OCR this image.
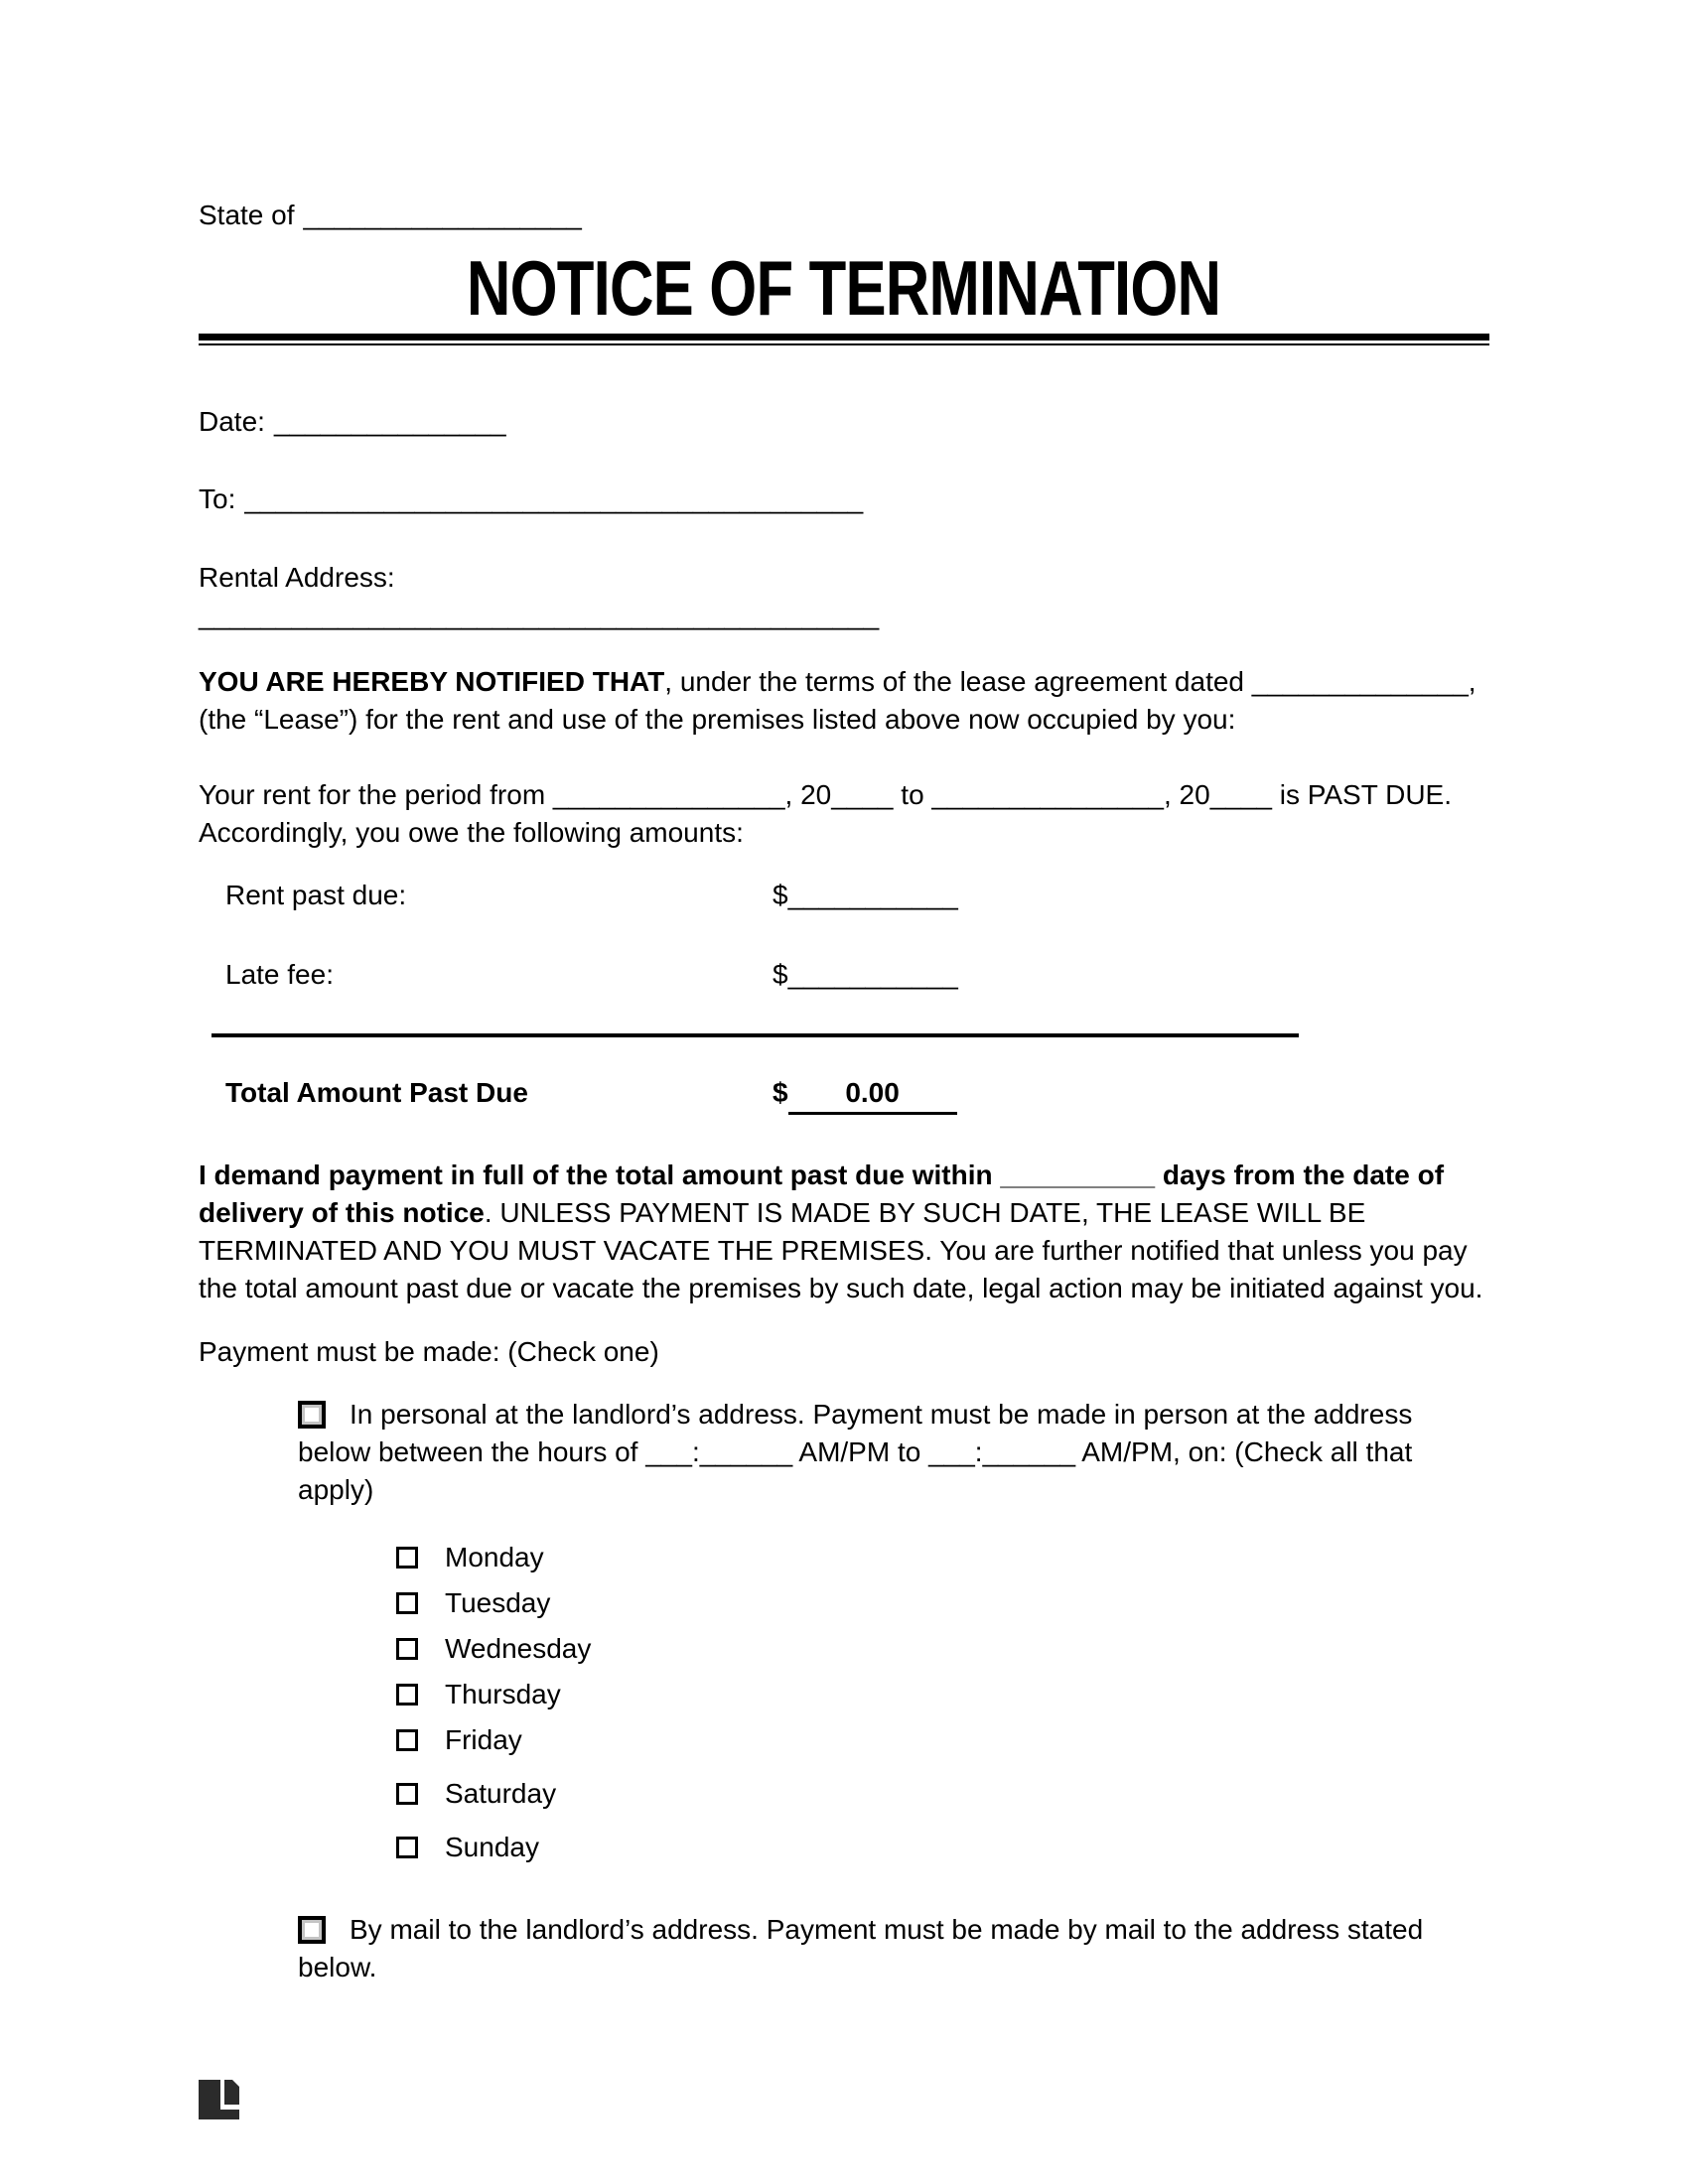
State of __________________
NOTICE OF TERMINATION
Date: _______________
To: ________________________________________
Rental Address:
____________________________________________

YOU ARE HEREBY NOTIFIED THAT, under the terms of the lease agreement dated ______________, (the “Lease”) for the rent and use of the premises listed above now occupied by you:

Your rent for the period from _______________, 20____ to _______________, 20____ is PAST DUE. Accordingly, you owe the following amounts:

Rent past due:	$___________
Late fee:	$___________
Total Amount Past Due	$	0.00

I demand payment in full of the total amount past due within __________ days from the date of delivery of this notice. UNLESS PAYMENT IS MADE BY SUCH DATE, THE LEASE WILL BE TERMINATED AND YOU MUST VACATE THE PREMISES. You are further notified that unless you pay the total amount past due or vacate the premises by such date, legal action may be initiated against you.

Payment must be made: (Check one)

In personal at the landlord’s address. Payment must be made in person at the address below between the hours of ___:______ AM/PM to ___:______ AM/PM, on: (Check all that apply)
Monday
Tuesday
Wednesday
Thursday
Friday
Saturday
Sunday
By mail to the landlord’s address. Payment must be made by mail to the address stated below.
